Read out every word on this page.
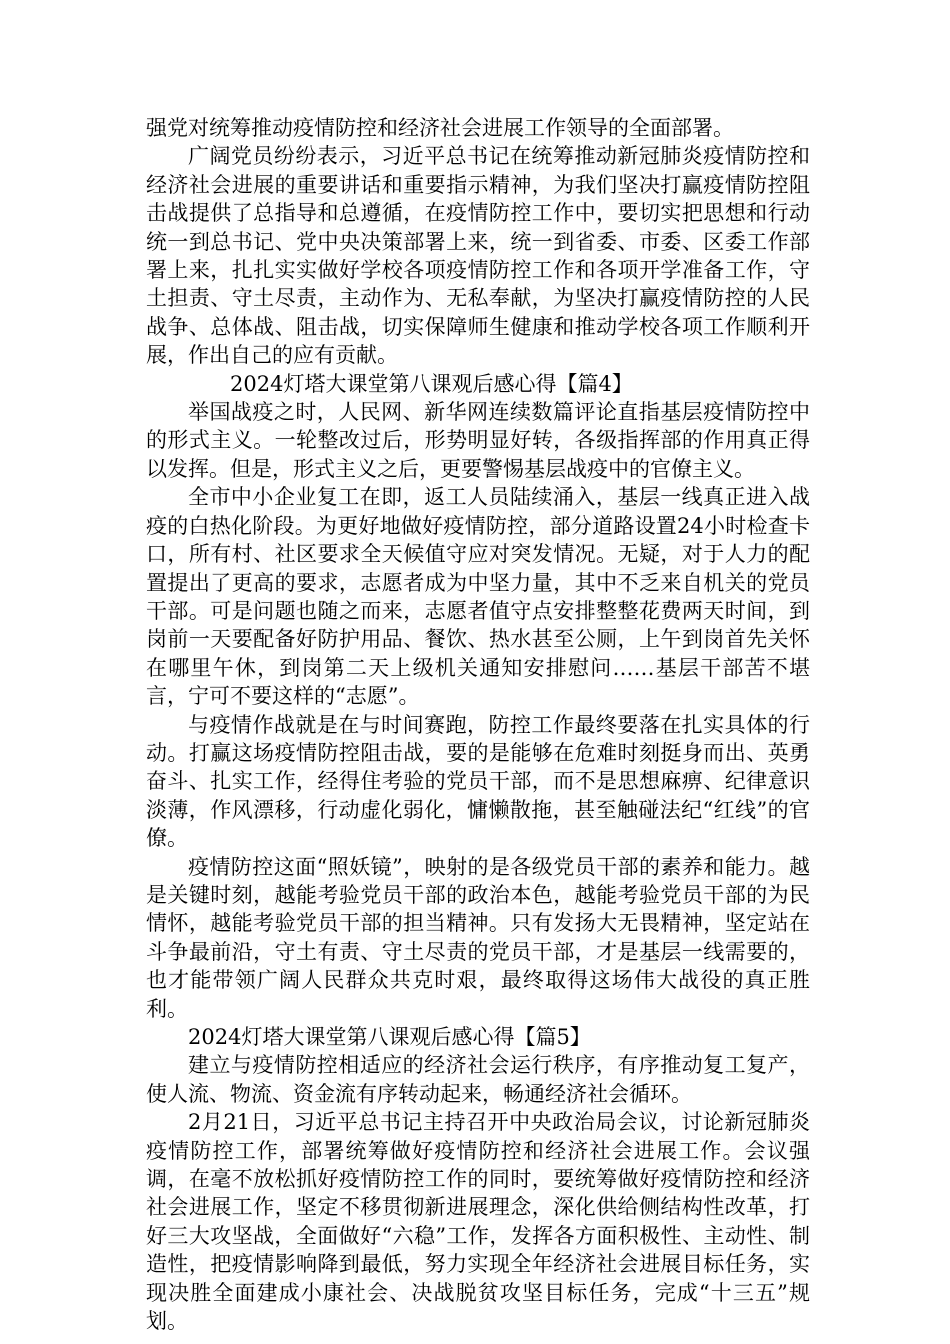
强党对统筹推动疫情防控和经济社会进展工作领导的全面部署。

广阔党员纷纷表示，习近平总书记在统筹推动新冠肺炎疫情防控和经济社会进展的重要讲话和重要指示精神，为我们坚决打赢疫情防控阻击战提供了总指导和总遵循，在疫情防控工作中，要切实把思想和行动统一到总书记、党中央决策部署上来，统一到省委、市委、区委工作部署上来，扎扎实实做好学校各项疫情防控工作和各项开学准备工作，守土担责、守土尽责，主动作为、无私奉献，为坚决打赢疫情防控的人民战争、总体战、阻击战，切实保障师生健康和推动学校各项工作顺利开展，作出自己的应有贡献。

2024灯塔大课堂第八课观后感心得【篇4】

举国战疫之时，人民网、新华网连续数篇评论直指基层疫情防控中的形式主义。一轮整改过后，形势明显好转，各级指挥部的作用真正得以发挥。但是，形式主义之后，更要警惕基层战疫中的官僚主义。

全市中小企业复工在即，返工人员陆续涌入，基层一线真正进入战疫的白热化阶段。为更好地做好疫情防控，部分道路设置24小时检查卡口，所有村、社区要求全天候值守应对突发情况。无疑，对于人力的配置提出了更高的要求，志愿者成为中坚力量，其中不乏来自机关的党员干部。可是问题也随之而来，志愿者值守点安排整整花费两天时间，到岗前一天要配备好防护用品、餐饮、热水甚至公厕，上午到岗首先关怀在哪里午休，到岗第二天上级机关通知安排慰问……基层干部苦不堪言，宁可不要这样的“志愿”。

与疫情作战就是在与时间赛跑，防控工作最终要落在扎实具体的行动。打赢这场疫情防控阻击战，要的是能够在危难时刻挺身而出、英勇奋斗、扎实工作，经得住考验的党员干部，而不是思想麻痹、纪律意识淡薄，作风漂移，行动虚化弱化，慵懒散拖，甚至触碰法纪“红线”的官僚。

疫情防控这面“照妖镜”，映射的是各级党员干部的素养和能力。越是关键时刻，越能考验党员干部的政治本色，越能考验党员干部的为民情怀，越能考验党员干部的担当精神。只有发扬大无畏精神，坚定站在斗争最前沿，守土有责、守土尽责的党员干部，才是基层一线需要的，也才能带领广阔人民群众共克时艰，最终取得这场伟大战役的真正胜利。

2024灯塔大课堂第八课观后感心得【篇5】

建立与疫情防控相适应的经济社会运行秩序，有序推动复工复产，使人流、物流、资金流有序转动起来，畅通经济社会循环。

2月21日，习近平总书记主持召开中央政治局会议，讨论新冠肺炎疫情防控工作，部署统筹做好疫情防控和经济社会进展工作。会议强调，在毫不放松抓好疫情防控工作的同时，要统筹做好疫情防控和经济社会进展工作，坚定不移贯彻新进展理念，深化供给侧结构性改革，打好三大攻坚战，全面做好“六稳”工作，发挥各方面积极性、主动性、制造性，把疫情影响降到最低，努力实现全年经济社会进展目标任务，实现决胜全面建成小康社会、决战脱贫攻坚目标任务，完成“十三五”规划。
